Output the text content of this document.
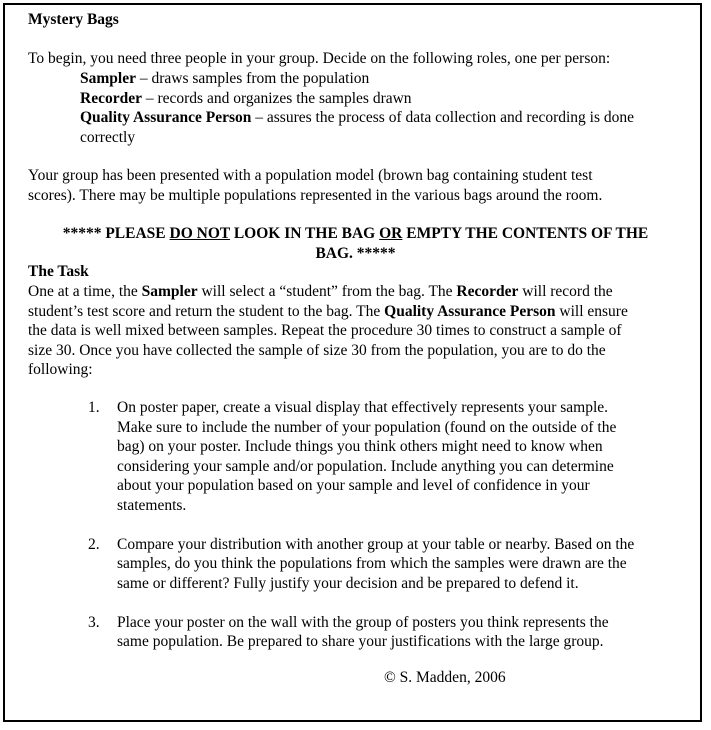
Mystery Bags
To begin, you need three people in your group. Decide on the following roles, one per person:
Sampler – draws samples from the population
Recorder – records and organizes the samples drawn
Quality Assurance Person – assures the process of data collection and recording is done
correctly
Your group has been presented with a population model (brown bag containing student test
scores). There may be multiple populations represented in the various bags around the room.
***** PLEASE DO NOT LOOK IN THE BAG OR EMPTY THE CONTENTS OF THE
BAG. *****
The Task
One at a time, the Sampler will select a “student” from the bag. The Recorder will record the
student’s test score and return the student to the bag. The Quality Assurance Person will ensure
the data is well mixed between samples. Repeat the procedure 30 times to construct a sample of
size 30. Once you have collected the sample of size 30 from the population, you are to do the
following:
1. On poster paper, create a visual display that effectively represents your sample.
Make sure to include the number of your population (found on the outside of the
bag) on your poster. Include things you think others might need to know when
considering your sample and/or population. Include anything you can determine
about your population based on your sample and level of confidence in your
statements.
2. Compare your distribution with another group at your table or nearby. Based on the
samples, do you think the populations from which the samples were drawn are the
same or different? Fully justify your decision and be prepared to defend it.
3. Place your poster on the wall with the group of posters you think represents the
same population. Be prepared to share your justifications with the large group.
© S. Madden, 2006
